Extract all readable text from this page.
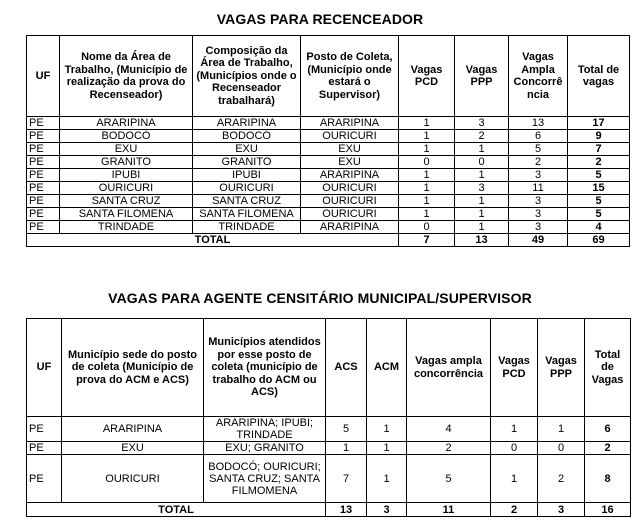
VAGAS PARA RECENCEADOR
UF	Nome da Área de Trabalho, (Município de realização da prova do Recenseador)	Composição da Área de Trabalho, (Municípios onde o Recenseador trabalhará)	Posto de Coleta, (Município onde estará o Supervisor)	Vagas PCD	Vagas PPP	Vagas Ampla Concorrê ncia	Total de vagas
PE	ARARIPINA	ARARIPINA	ARARIPINA	1	3	13	17
PE	BODOCÓ	BODOCÓ	OURICURI	1	2	6	9
PE	EXU	EXU	EXU	1	1	5	7
PE	GRANITO	GRANITO	EXU	0	0	2	2
PE	IPUBI	IPUBI	ARARIPINA	1	1	3	5
PE	OURICURI	OURICURI	OURICURI	1	3	11	15
PE	SANTA CRUZ	SANTA CRUZ	OURICURI	1	1	3	5
PE	SANTA FILOMENA	SANTA FILOMENA	OURICURI	1	1	3	5
PE	TRINDADE	TRINDADE	ARARIPINA	0	1	3	4
TOTAL				7	13	49	69
VAGAS PARA AGENTE CENSITÁRIO MUNICIPAL/SUPERVISOR
UF	Município sede do posto de coleta (Município de prova do ACM e ACS)	Municípios atendidos por esse posto de coleta (município de trabalho do ACM ou ACS)	ACS	ACM	Vagas ampla concorrência	Vagas PCD	Vagas PPP	Total de Vagas
PE	ARARIPINA	ARARIPINA; IPUBI; TRINDADE	5	1	4	1	1	6
PE	EXU	EXU; GRANITO	1	1	2	0	0	2
PE	OURICURI	BODOCÓ; OURICURI; SANTA CRUZ; SANTA FILMOMENA	7	1	5	1	2	8
TOTAL			13	3	11	2	3	16
